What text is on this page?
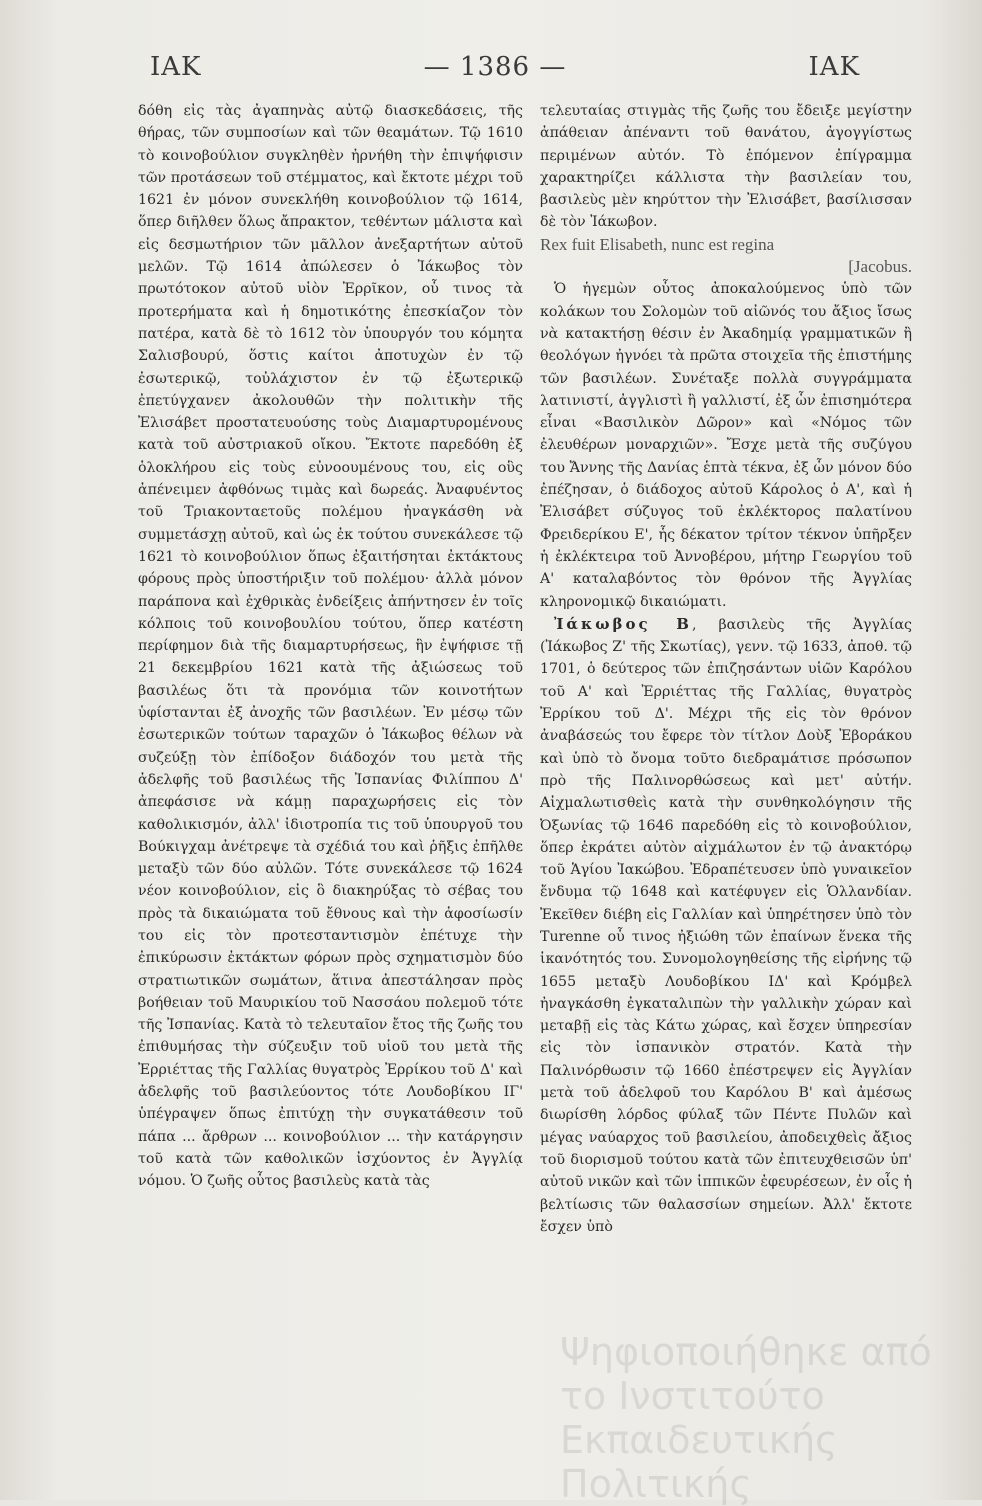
ΙΑΚ	— 1386 —	ΙΑΚ

δόθη εἰς τὰς ἀγαπηνὰς αὐτῷ διασκεδάσεις, τῆς θήρας, τῶν συμποσίων καὶ τῶν θεαμάτων. Τῷ 1610 τὸ κοινοβούλιον συγκληθὲν ἠρνήθη τὴν ἐπιψήφισιν τῶν προτάσεων τοῦ στέμματος, καὶ ἔκτοτε μέχρι τοῦ 1621 ἐν μόνον συνεκλήθη κοινοβούλιον τῷ 1614, ὅπερ διῆλθεν ὅλως ἄπρακτον, τεθέντων μάλιστα καὶ εἰς δεσμωτήριον τῶν μᾶλλον ἀνεξαρτήτων αὐτοῦ μελῶν. Τῷ 1614 ἀπώλεσεν ὁ Ἰάκωβος τὸν πρωτότοκον αὐτοῦ υἱὸν Ἐρρῖκον, οὗ τινος τὰ προτερήματα καὶ ἡ δημοτικότης ἐπεσκίαζον τὸν πατέρα, κατὰ δὲ τὸ 1612 τὸν ὑπουργόν του κόμητα Σαλισβουρύ, ὅστις καίτοι ἀποτυχὼν ἐν τῷ ἐσωτερικῷ, τοὐλάχιστον ἐν τῷ ἐξωτερικῷ ἐπετύγχανεν ἀκολουθῶν τὴν πολιτικὴν τῆς Ἐλισάβετ προστατευούσης τοὺς Διαμαρτυρομένους κατὰ τοῦ αὐστριακοῦ οἴκου. Ἔκτοτε παρεδόθη ἐξ ὁλοκλήρου εἰς τοὺς εὐνοουμένους του, εἰς οὓς ἀπένειμεν ἀφθόνως τιμὰς καὶ δωρεάς. Ἀναφυέντος τοῦ Τριακονταετοῦς πολέμου ἠναγκάσθη νὰ συμμετάσχῃ αὐτοῦ, καὶ ὡς ἐκ τούτου συνεκάλεσε τῷ 1621 τὸ κοινοβούλιον ὅπως ἐξαιτήσηται ἐκτάκτους φόρους πρὸς ὑποστήριξιν τοῦ πολέμου· ἀλλὰ μόνον παράπονα καὶ ἐχθρικὰς ἐνδείξεις ἀπήντησεν ἐν τοῖς κόλποις τοῦ κοινοβουλίου τούτου, ὅπερ κατέστη περίφημον διὰ τῆς διαμαρτυρήσεως, ἣν ἐψήφισε τῇ 21 δεκεμβρίου 1621 κατὰ τῆς ἀξιώσεως τοῦ βασιλέως ὅτι τὰ προνόμια τῶν κοινοτήτων ὑφίστανται ἐξ ἀνοχῆς τῶν βασιλέων. Ἐν μέσῳ τῶν ἐσωτερικῶν τούτων ταραχῶν ὁ Ἰάκωβος θέλων νὰ συζεύξῃ τὸν ἐπίδοξον διάδοχόν του μετὰ τῆς ἀδελφῆς τοῦ βασιλέως τῆς Ἰσπανίας Φιλίππου Δ' ἀπεφάσισε νὰ κάμῃ παραχωρήσεις εἰς τὸν καθολικισμόν, ἀλλ' ἰδιοτροπία τις τοῦ ὑπουργοῦ του Βούκιγχαμ ἀνέτρεψε τὰ σχέδιά του καὶ ῥῆξις ἐπῆλθε μεταξὺ τῶν δύο αὐλῶν. Τότε συνεκάλεσε τῷ 1624 νέον κοινοβούλιον, εἰς ὃ διακηρύξας τὸ σέβας του πρὸς τὰ δικαιώματα τοῦ ἔθνους καὶ τὴν ἀφοσίωσίν του εἰς τὸν προτεσταντισμὸν ἐπέτυχε τὴν ἐπικύρωσιν ἐκτάκτων φόρων πρὸς σχηματισμὸν δύο στρατιωτικῶν σωμάτων, ἅτινα ἀπεστάλησαν πρὸς βοήθειαν τοῦ Μαυρικίου τοῦ Νασσάου πολεμοῦ τότε τῆς Ἰσπανίας. Κατὰ τὸ τελευταῖον ἔτος τῆς ζωῆς του ἐπιθυμήσας τὴν σύζευξιν τοῦ υἱοῦ του μετὰ τῆς Ἐρριέττας τῆς Γαλλίας θυγατρὸς Ἐρρίκου τοῦ Δ' καὶ ἀδελφῆς τοῦ βασιλεύοντος τότε Λουδοβίκου ΙΓ' ὑπέγραψεν ὅπως ἐπιτύχῃ τὴν συγκατάθεσιν τοῦ πάπα ... ἄρθρων ... κοινοβούλιον ... τὴν κατάργησιν τοῦ κατὰ τῶν καθολικῶν ἰσχύοντος ἐν Ἀγγλίᾳ νόμου. Ὁ ζωῆς οὗτος βασιλεὺς κατὰ τὰς

τελευταίας στιγμὰς τῆς ζωῆς του ἔδειξε μεγίστην ἀπάθειαν ἀπέναντι τοῦ θανάτου, ἀγογγίστως περιμένων αὐτόν. Τὸ ἑπόμενον ἐπίγραμμα χαρακτηρίζει κάλλιστα τὴν βασιλείαν του, βασιλεὺς μὲν κηρύττον τὴν Ἐλισάβετ, βασίλισσαν δὲ τὸν Ἰάκωβον.

Rex fuit Elisabeth, nunc est regina

[Jacobus.

Ὁ ἡγεμὼν οὗτος ἀποκαλούμενος ὑπὸ τῶν κολάκων του Σολομὼν τοῦ αἰῶνός του ἄξιος ἴσως νὰ κατακτήσῃ θέσιν ἐν Ἀκαδημίᾳ γραμματικῶν ἢ θεολόγων ἠγνόει τὰ πρῶτα στοιχεῖα τῆς ἐπιστήμης τῶν βασιλέων. Συνέταξε πολλὰ συγγράμματα λατινιστί, ἀγγλιστὶ ἢ γαλλιστί, ἐξ ὧν ἐπισημότερα εἶναι «Βασιλικὸν Δῶρον» καὶ «Νόμος τῶν ἐλευθέρων μοναρχιῶν». Ἔσχε μετὰ τῆς συζύγου του Ἄννης τῆς Δανίας ἑπτὰ τέκνα, ἐξ ὧν μόνον δύο ἐπέζησαν, ὁ διάδοχος αὐτοῦ Κάρολος ὁ Α', καὶ ἡ Ἐλισάβετ σύζυγος τοῦ ἐκλέκτορος παλατίνου Φρειδερίκου Ε', ἧς δέκατον τρίτον τέκνον ὑπῆρξεν ἡ ἐκλέκτειρα τοῦ Ἀννοβέρου, μήτηρ Γεωργίου τοῦ Α' καταλαβόντος τὸν θρόνον τῆς Ἀγγλίας κληρονομικῷ δικαιώματι.

Ἰάκωβος Β, βασιλεὺς τῆς Ἀγγλίας (Ἰάκωβος Ζ' τῆς Σκωτίας), γενν. τῷ 1633, ἀποθ. τῷ 1701, ὁ δεύτερος τῶν ἐπιζησάντων υἱῶν Καρόλου τοῦ Α' καὶ Ἐρριέττας τῆς Γαλλίας, θυγατρὸς Ἐρρίκου τοῦ Δ'. Μέχρι τῆς εἰς τὸν θρόνον ἀναβάσεώς του ἔφερε τὸν τίτλον Δοὺξ Ἐβοράκου καὶ ὑπὸ τὸ ὄνομα τοῦτο διεδραμάτισε πρόσωπον πρὸ τῆς Παλινορθώσεως καὶ μετ' αὐτήν. Αἰχμαλωτισθεὶς κατὰ τὴν συνθηκολόγησιν τῆς Ὀξωνίας τῷ 1646 παρεδόθη εἰς τὸ κοινοβούλιον, ὅπερ ἐκράτει αὐτὸν αἰχμάλωτον ἐν τῷ ἀνακτόρῳ τοῦ Ἁγίου Ἰακώβου. Ἐδραπέτευσεν ὑπὸ γυναικεῖον ἔνδυμα τῷ 1648 καὶ κατέφυγεν εἰς Ὁλλανδίαν. Ἐκεῖθεν διέβη εἰς Γαλλίαν καὶ ὑπηρέτησεν ὑπὸ τὸν Turenne οὗ τινος ἠξιώθη τῶν ἐπαίνων ἕνεκα τῆς ἱκανότητός του. Συνομολογηθείσης τῆς εἰρήνης τῷ 1655 μεταξὺ Λουδοβίκου ΙΔ' καὶ Κρόμβελ ἠναγκάσθη ἐγκαταλιπὼν τὴν γαλλικὴν χώραν καὶ μεταβῇ εἰς τὰς Κάτω χώρας, καὶ ἔσχεν ὑπηρεσίαν εἰς τὸν ἰσπανικὸν στρατόν. Κατὰ τὴν Παλινόρθωσιν τῷ 1660 ἐπέστρεψεν εἰς Ἀγγλίαν μετὰ τοῦ ἀδελφοῦ του Καρόλου Β' καὶ ἀμέσως διωρίσθη λόρδος φύλαξ τῶν Πέντε Πυλῶν καὶ μέγας ναύαρχος τοῦ βασιλείου, ἀποδειχθεὶς ἄξιος τοῦ διορισμοῦ τούτου κατὰ τῶν ἐπιτευχθεισῶν ὑπ' αὐτοῦ νικῶν καὶ τῶν ἱππικῶν ἐφευρέσεων, ἐν οἷς ἡ βελτίωσις τῶν θαλασσίων σημείων. Ἀλλ' ἔκτοτε ἔσχεν ὑπὸ

Ψηφιοποιήθηκε από το Ινστιτούτο
Εκπαιδευτικής Πολιτικής
